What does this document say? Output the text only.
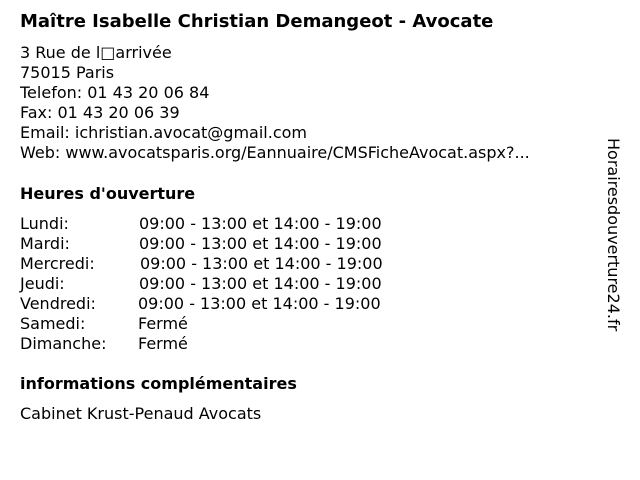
Maître Isabelle Christian Demangeot - Avocate
3 Rue de l□arrivée
75015 Paris
Telefon: 01 43 20 06 84
Fax: 01 43 20 06 39
Email: ichristian.avocat@gmail.com
Web: www.avocatsparis.org/Eannuaire/CMSFicheAvocat.aspx?...
Heures d'ouverture
Lundi:	09:00 - 13:00 et 14:00 - 19:00
Mardi:	09:00 - 13:00 et 14:00 - 19:00
Mercredi:	09:00 - 13:00 et 14:00 - 19:00
Jeudi:	09:00 - 13:00 et 14:00 - 19:00
Vendredi:	09:00 - 13:00 et 14:00 - 19:00
Samedi:	Fermé
Dimanche: Fermé
informations complémentaires
Cabinet Krust-Penaud Avocats
Horairesdouverture24.fr
